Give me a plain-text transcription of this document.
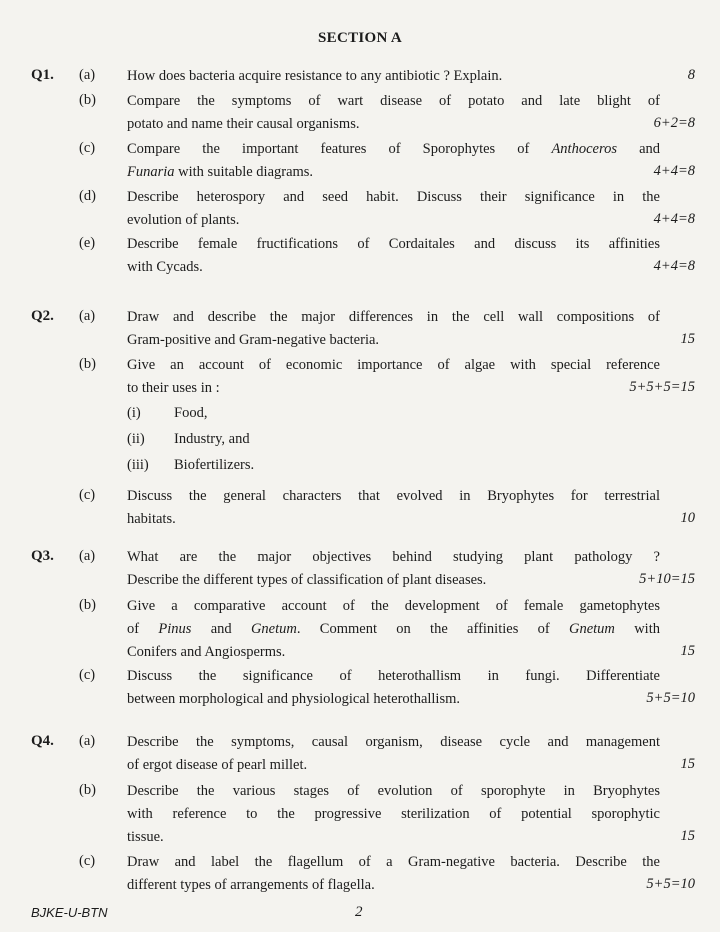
SECTION A
Q1. (a) How does bacteria acquire resistance to any antibiotic ? Explain.	8
(b) Compare the symptoms of wart disease of potato and late blight of
potato and name their causal organisms.	6+2=8
(c) Compare the important features of Sporophytes of Anthoceros and
Funaria with suitable diagrams.	4+4=8
(d) Describe heterospory and seed habit. Discuss their significance in the
evolution of plants.	4+4=8
(e) Describe female fructifications of Cordaitales and discuss its affinities
with Cycads.	4+4=8
Q2. (a) Draw and describe the major differences in the cell wall compositions of
Gram-positive and Gram-negative bacteria.	15
(b) Give an account of economic importance of algae with special reference
to their uses in :	5+5+5=15
(i) Food,
(ii) Industry, and
(iii) Biofertilizers.
(c) Discuss the general characters that evolved in Bryophytes for terrestrial
habitats.	10
Q3. (a) What are the major objectives behind studying plant pathology ?
Describe the different types of classification of plant diseases.	5+10=15
(b) Give a comparative account of the development of female gametophytes
of Pinus and Gnetum. Comment on the affinities of Gnetum with
Conifers and Angiosperms.	15
(c) Discuss the significance of heterothallism in fungi. Differentiate
between morphological and physiological heterothallism.	5+5=10
Q4. (a) Describe the symptoms, causal organism, disease cycle and management
of ergot disease of pearl millet.	15
(b) Describe the various stages of evolution of sporophyte in Bryophytes
with reference to the progressive sterilization of potential sporophytic
tissue.	15
(c) Draw and label the flagellum of a Gram-negative bacteria. Describe the
different types of arrangements of flagella.	5+5=10
BJKE-U-BTN	2
